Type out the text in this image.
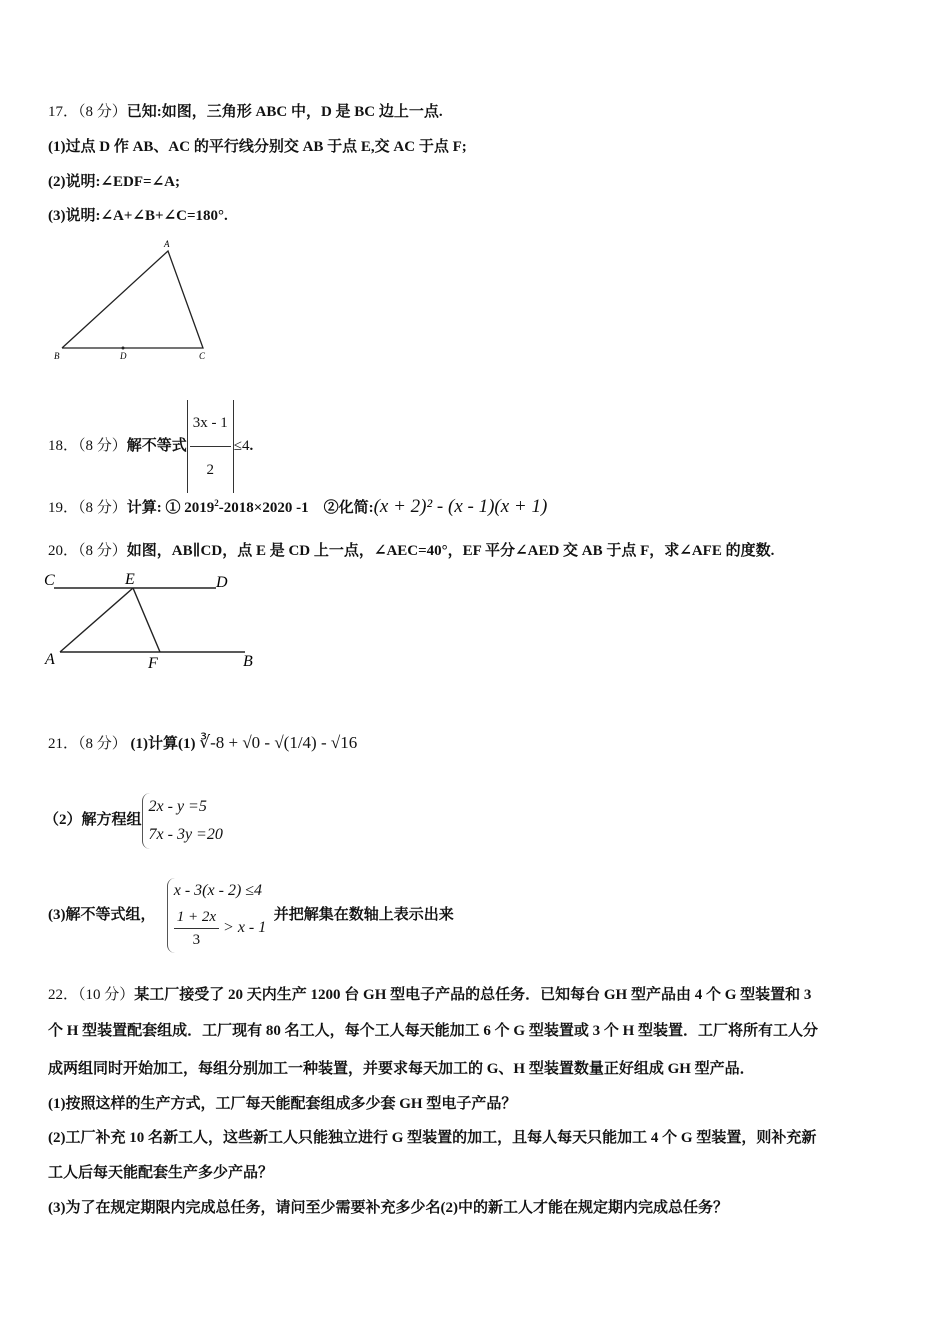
17．（8 分）已知:如图，三角形 ABC 中，D 是 BC 边上一点.
(1)过点 D 作 AB、AC 的平行线分别交 AB 于点 E,交 AC 于点 F;
(2)说明:∠EDF=∠A;
(3)说明:∠A+∠B+∠C=180°.
A
B	D	C
18．（8 分）解不等式 $\frac{3x - 1}{2} \le 4$.
19．（8 分）计算: ① $2019^2-2018\times 2020$ -1 ②化简:(x + 2)² - (x - 1)(x + 1)
20．（8 分）如图，AB∥CD，点 E 是 CD 上一点，∠AEC=40°，EF 平分∠AED 交 AB 于点 F，求∠AFE 的度数.
C	E	D
A	F	B
21．（8 分） (1)计算(1) ∛-8 + √0 - √(1/4) - √16
（2）解方程组
2x - y =5
7x - 3y =20
(3)解不等式组，
x - 3(x - 2) ≤4
$\frac{1 + 2x}{3} > x - 1$
并把解集在数轴上表示出来
22．（10 分）某工厂接受了 20 天内生产 1200 台 GH 型电子产品的总任务．已知每台 GH 型产品由 4 个 G 型装置和 3
个 H 型装置配套组成．工厂现有 80 名工人，每个工人每天能加工 6 个 G 型装置或 3 个 H 型装置．工厂将所有工人分
成两组同时开始加工，每组分别加工一种装置，并要求每天加工的 G、H 型装置数量正好组成 GH 型产品．
(1)按照这样的生产方式，工厂每天能配套组成多少套 GH 型电子产品？
(2)工厂补充 10 名新工人，这些新工人只能独立进行 G 型装置的加工，且每人每天只能加工 4 个 G 型装置，则补充新
工人后每天能配套生产多少产品？
(3)为了在规定期限内完成总任务，请问至少需要补充多少名(2)中的新工人才能在规定期内完成总任务？
